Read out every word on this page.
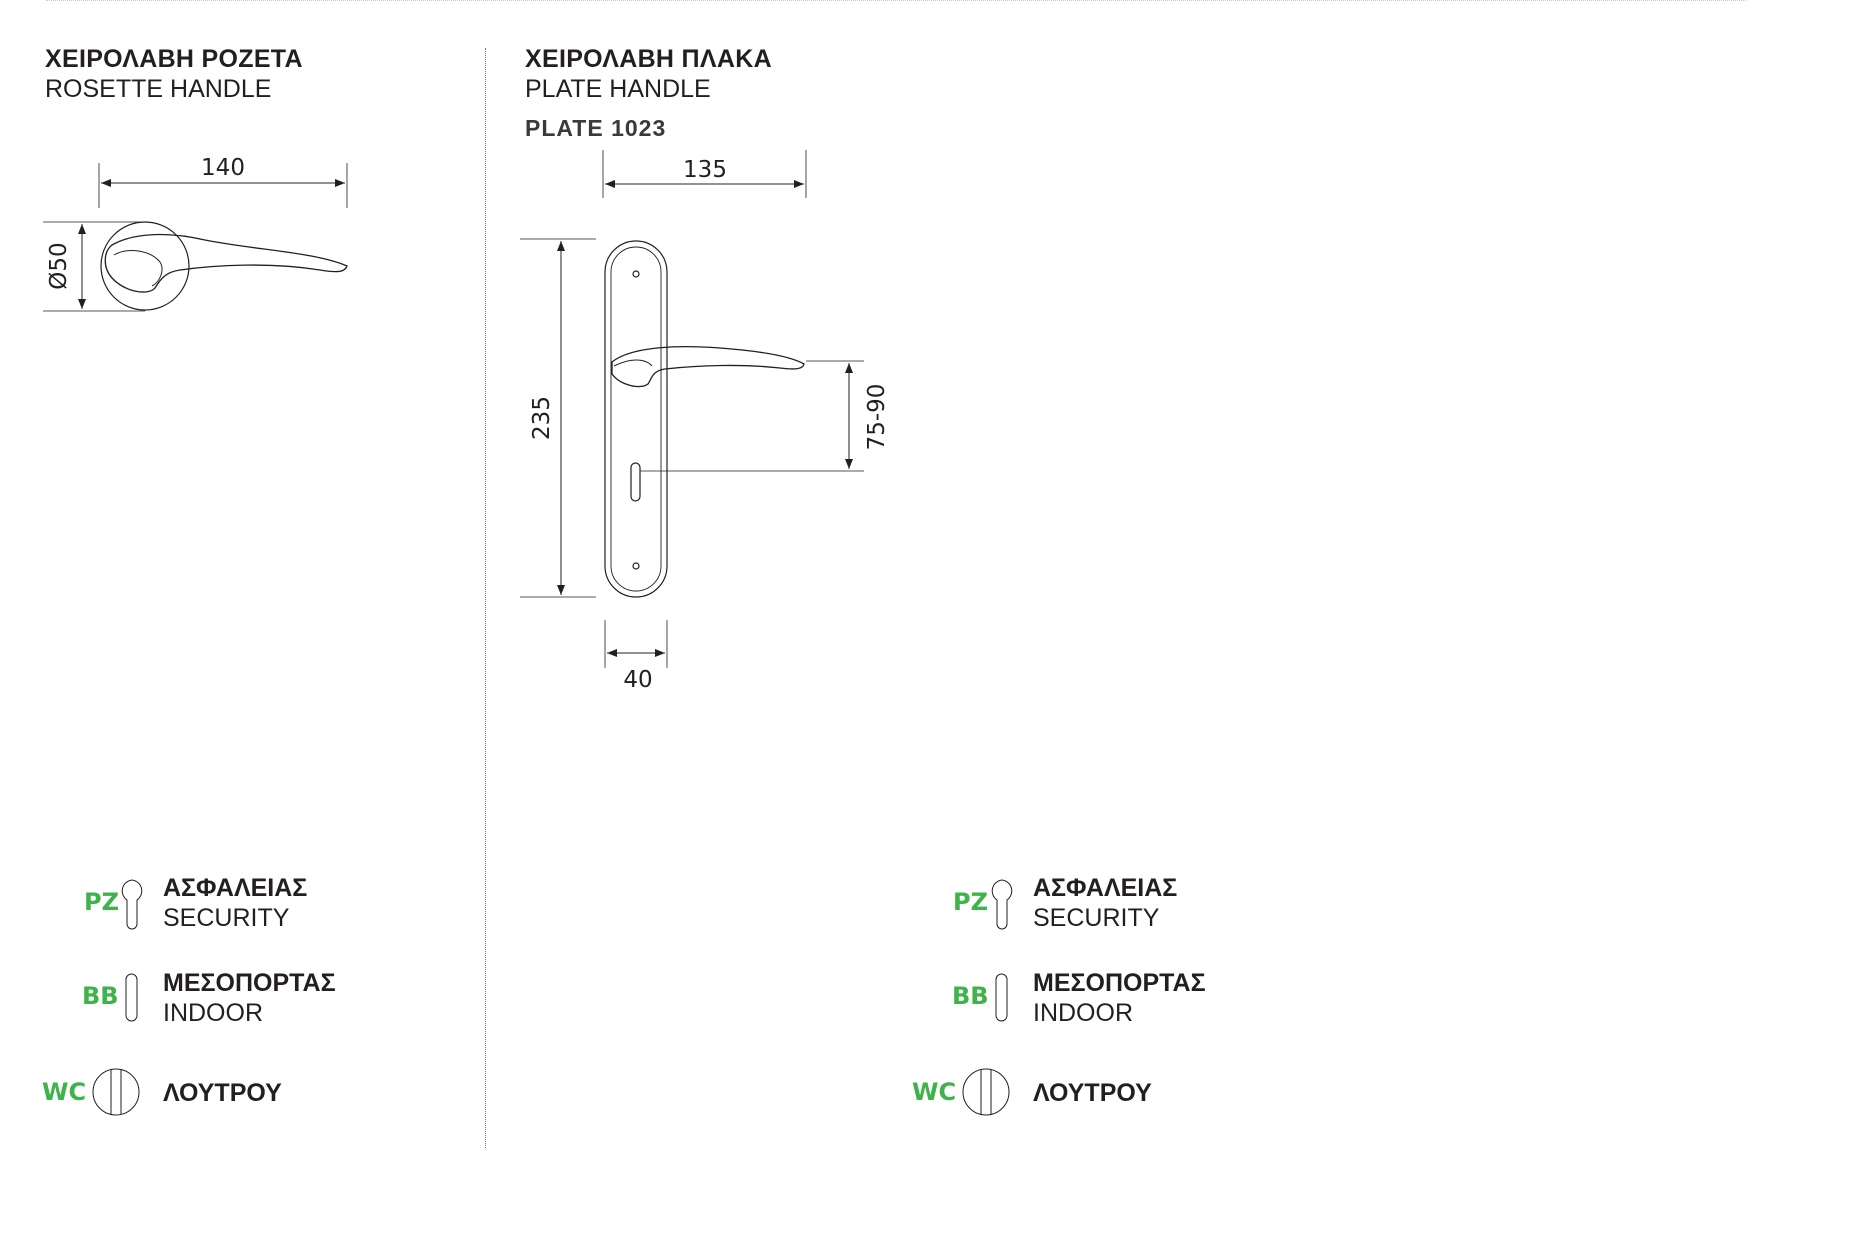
ΧΕΙΡΟΛΑΒΗ ΡΟΖΕΤΑ
ROSETTE HANDLE
ΧΕΙΡΟΛΑΒΗ ΠΛΑΚΑ
PLATE HANDLE
PLATE 1023
140
Ø50
135
235
40
75-90
PZ ΑΣΦΑΛΕΙΑΣ
SECURITY
BB ΜΕΣΟΠΟΡΤΑΣ
INDOOR
WC	ΛΟΥΤΡΟΥ
PZ ΑΣΦΑΛΕΙΑΣ
SECURITY
BB ΜΕΣΟΠΟΡΤΑΣ
INDOOR
WC	ΛΟΥΤΡΟΥ
